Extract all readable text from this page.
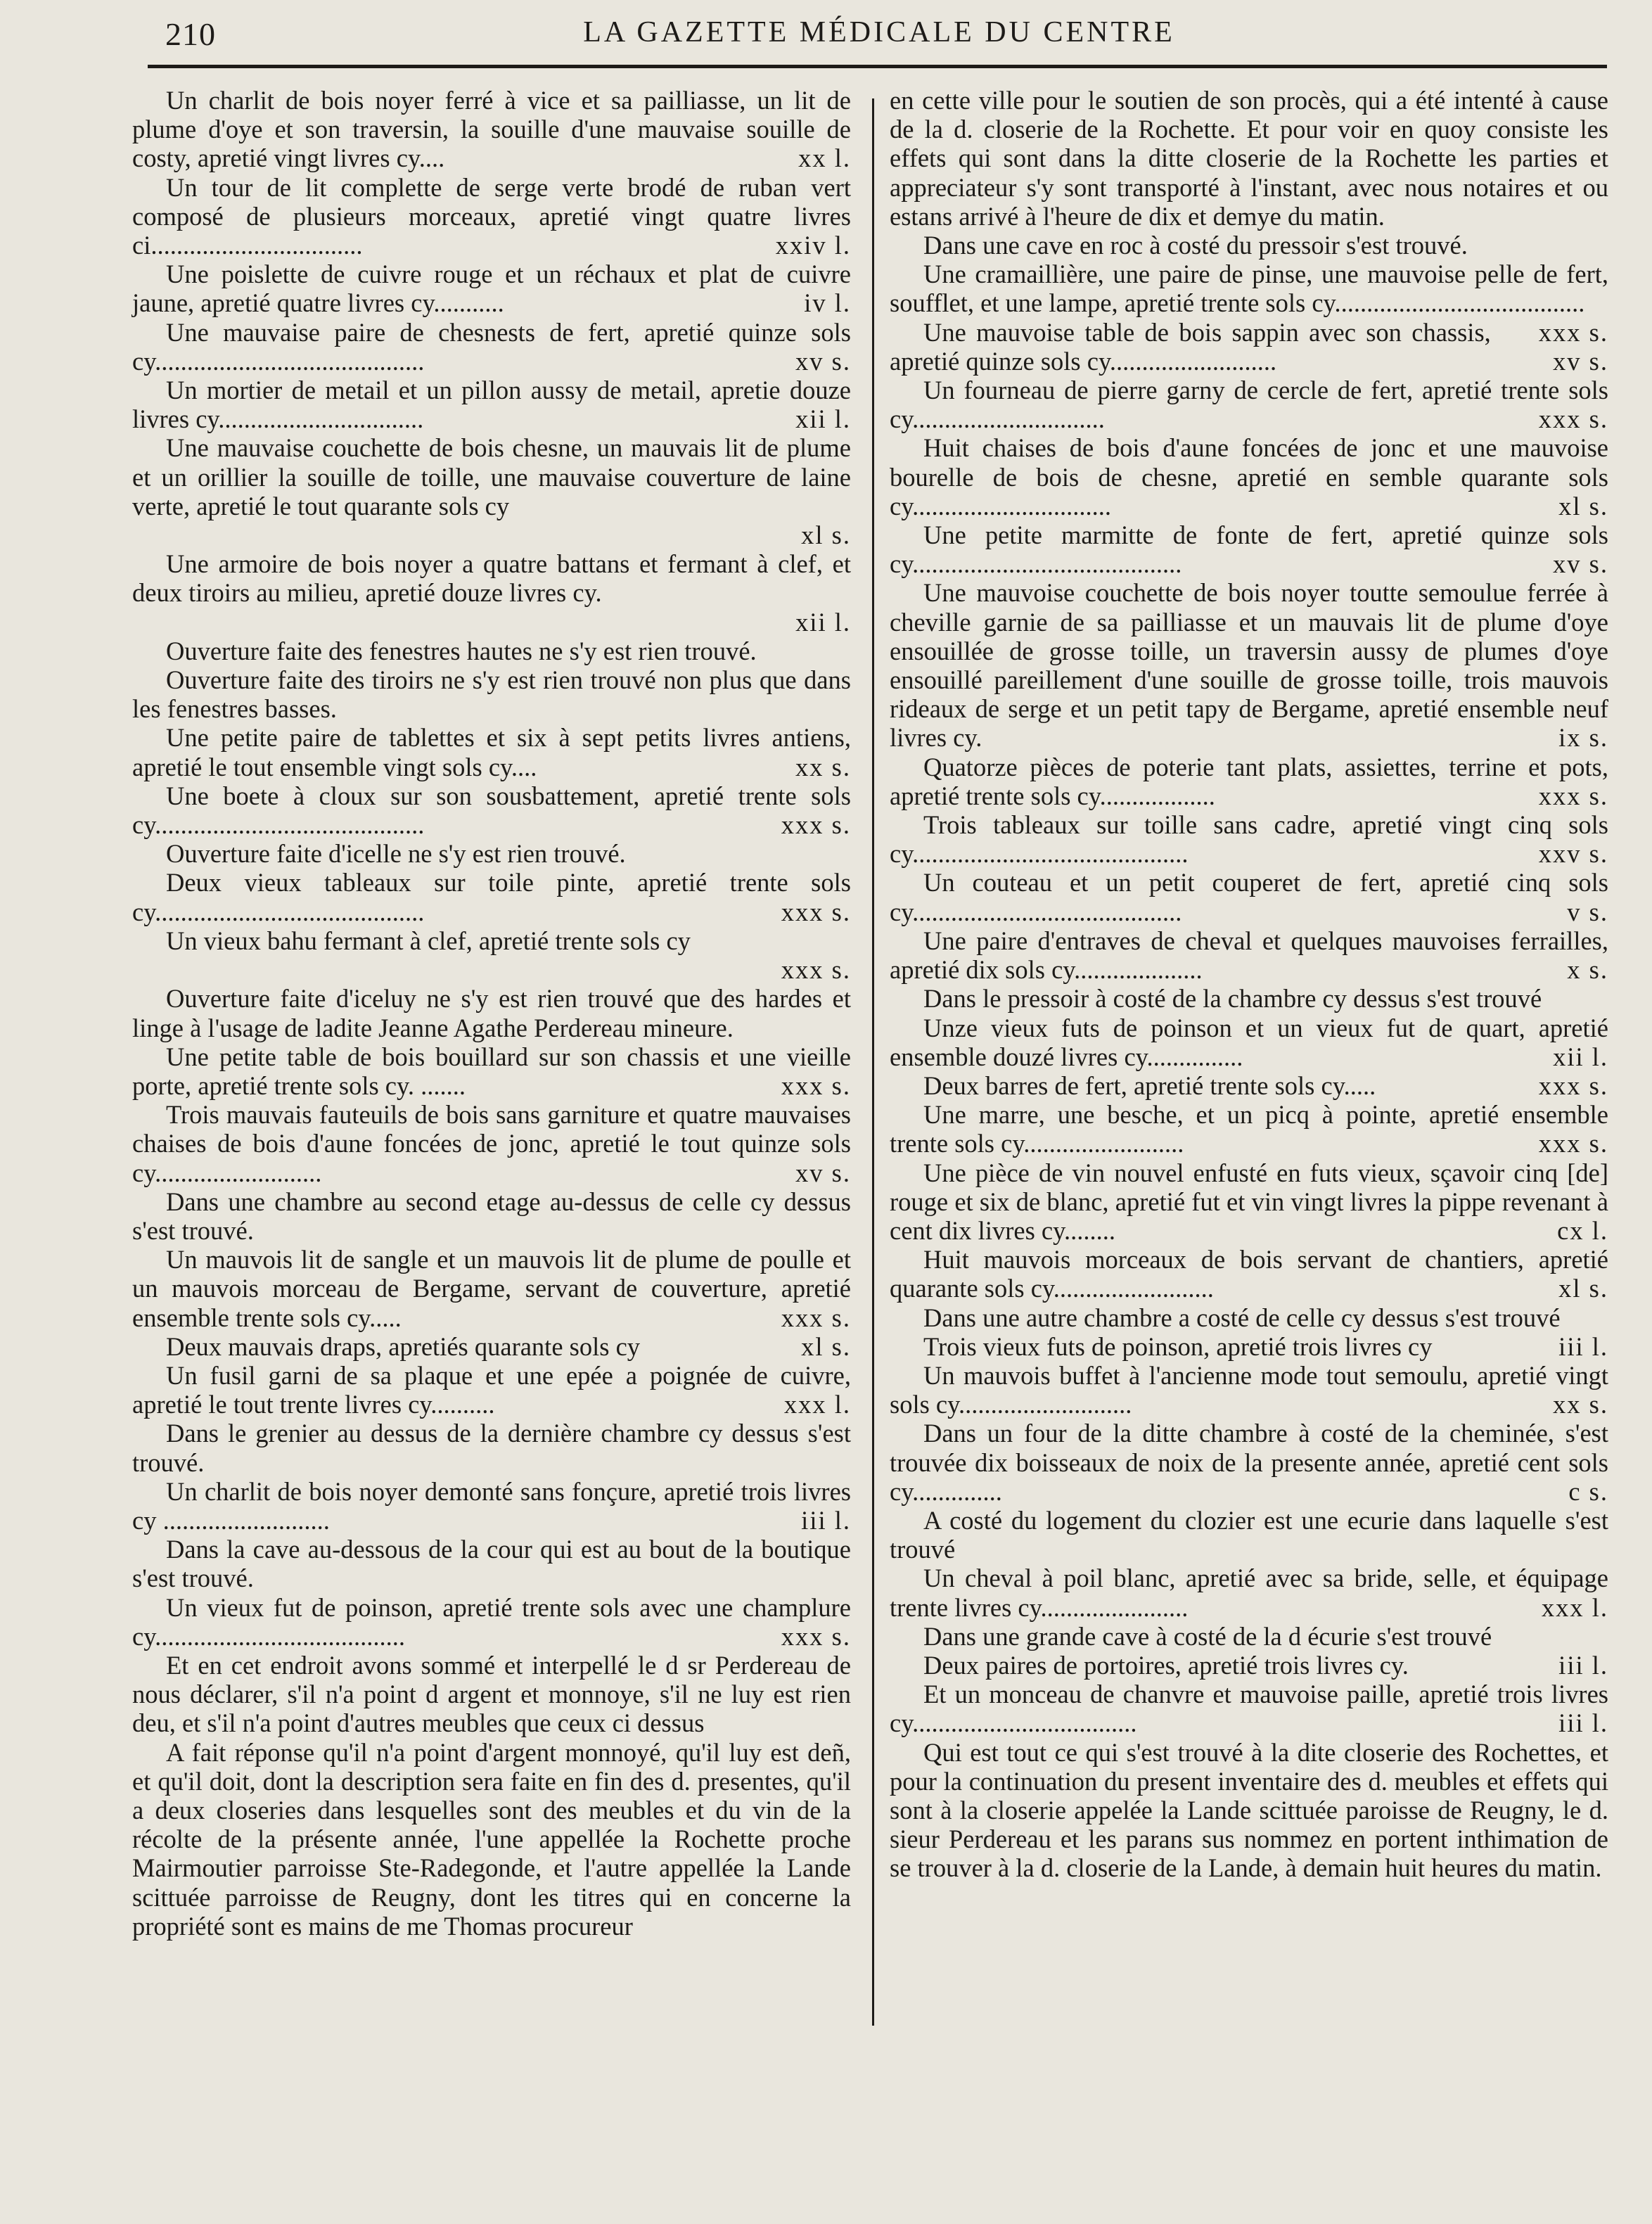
210	LA GAZETTE MÉDICALE DU CENTRE

Un charlit de bois noyer ferré à vice et sa pailliasse, un lit de plume d'oye et son traversin, la souille d'une mauvaise souille de costy, apretié vingt livres cy....	xx l.

Un tour de lit complette de serge verte brodé de ruban vert composé de plusieurs morceaux, apretié vingt quatre livres ci.................................	xxiv l.

Une poislette de cuivre rouge et un réchaux et plat de cuivre jaune, apretié quatre livres cy...........	iv l.

Une mauvaise paire de chesnests de fert, apretié quinze sols cy..........................................	xv s.

Un mortier de metail et un pillon aussy de metail, apretie douze livres cy................................	xii l.

Une mauvaise couchette de bois chesne, un mauvais lit de plume et un orillier la souille de toille, une mauvaise couverture de laine verte, apretié le tout quarante sols cy

xl s.

Une armoire de bois noyer a quatre battans et fermant à clef, et deux tiroirs au milieu, apretié douze livres cy.

xii l.

Ouverture faite des fenestres hautes ne s'y est rien trouvé.

Ouverture faite des tiroirs ne s'y est rien trouvé non plus que dans les fenestres basses.

Une petite paire de tablettes et six à sept petits livres antiens, apretié le tout ensemble vingt sols cy....	xx s.

Une boete à cloux sur son sousbattement, apretié trente sols cy..........................................	xxx s.

Ouverture faite d'icelle ne s'y est rien trouvé.

Deux vieux tableaux sur toile pinte, apretié trente sols cy..........................................	xxx s.

Un vieux bahu fermant à clef, apretié trente sols cy

xxx s.

Ouverture faite d'iceluy ne s'y est rien trouvé que des hardes et linge à l'usage de ladite Jeanne Agathe Perdereau mineure.

Une petite table de bois bouillard sur son chassis et une vieille porte, apretié trente sols cy. .......	xxx s.

Trois mauvais fauteuils de bois sans garniture et quatre mauvaises chaises de bois d'aune foncées de jonc, apretié le tout quinze sols cy..........................	xv s.

Dans une chambre au second etage au-dessus de celle cy dessus s'est trouvé.

Un mauvois lit de sangle et un mauvois lit de plume de poulle et un mauvois morceau de Bergame, servant de couverture, apretié ensemble trente sols cy.....	xxx s.

Deux mauvais draps, apretiés quarante sols cy	xl s.

Un fusil garni de sa plaque et une epée a poignée de cuivre, apretié le tout trente livres cy..........	xxx l.

Dans le grenier au dessus de la dernière chambre cy dessus s'est trouvé.

Un charlit de bois noyer demonté sans fonçure, apretié trois livres cy ..........................	iii l.

Dans la cave au-dessous de la cour qui est au bout de la boutique s'est trouvé.

Un vieux fut de poinson, apretié trente sols avec une champlure cy.......................................	xxx s.

Et en cet endroit avons sommé et interpellé le d sr Perdereau de nous déclarer, s'il n'a point d argent et monnoye, s'il ne luy est rien deu, et s'il n'a point d'autres meubles que ceux ci dessus

A fait réponse qu'il n'a point d'argent monnoyé, qu'il luy est deñ, et qu'il doit, dont la description sera faite en fin des d. presentes, qu'il a deux closeries dans lesquelles sont des meubles et du vin de la récolte de la présente année, l'une appellée la Rochette proche Mairmoutier parroisse Ste-Radegonde, et l'autre appellée la Lande scittuée parroisse de Reugny, dont les titres qui en concerne la propriété sont es mains de me Thomas procureur

en cette ville pour le soutien de son procès, qui a été intenté à cause de la d. closerie de la Rochette. Et pour voir en quoy consiste les effets qui sont dans la ditte closerie de la Rochette les parties et appreciateur s'y sont transporté à l'instant, avec nous notaires et ou estans arrivé à l'heure de dix et demye du matin.

Dans une cave en roc à costé du pressoir s'est trouvé.

Une cramaillière, une paire de pinse, une mauvoise pelle de fert, soufflet, et une lampe, apretié trente sols cy.......................................
xxx s.

Une mauvoise table de bois sappin avec son chassis, apretié quinze sols cy..........................	xv s.

Un fourneau de pierre garny de cercle de fert, apretié trente sols cy..............................	xxx s.

Huit chaises de bois d'aune foncées de jonc et une mauvoise bourelle de bois de chesne, apretié en semble quarante sols cy...............................	xl s.

Une petite marmitte de fonte de fert, apretié quinze sols cy..........................................	xv s.

Une mauvoise couchette de bois noyer toutte semoulue ferrée à cheville garnie de sa pailliasse et un mauvais lit de plume d'oye ensouillée de grosse toille, un traversin aussy de plumes d'oye ensouillé pareillement d'une souille de grosse toille, trois mauvois rideaux de serge et un petit tapy de Bergame, apretié ensemble neuf livres cy.	ix s.

Quatorze pièces de poterie tant plats, assiettes, terrine et pots, apretié trente sols cy..................	xxx s.

Trois tableaux sur toille sans cadre, apretié vingt cinq sols cy...........................................	xxv s.

Un couteau et un petit couperet de fert, apretié cinq sols cy..........................................	v s.

Une paire d'entraves de cheval et quelques mauvoises ferrailles, apretié dix sols cy....................	x s.

Dans le pressoir à costé de la chambre cy dessus s'est trouvé

Unze vieux futs de poinson et un vieux fut de quart, apretié ensemble douzé livres cy...............	xii l.

Deux barres de fert, apretié trente sols cy.....	xxx s.

Une marre, une besche, et un picq à pointe, apretié ensemble trente sols cy.........................	xxx s.

Une pièce de vin nouvel enfusté en futs vieux, sçavoir cinq [de] rouge et six de blanc, apretié fut et vin vingt livres la pippe revenant à cent dix livres cy........	cx l.

Huit mauvois morceaux de bois servant de chantiers, apretié quarante sols cy.........................	xl s.

Dans une autre chambre a costé de celle cy dessus s'est trouvé

Trois vieux futs de poinson, apretié trois livres cy	iii l.

Un mauvois buffet à l'ancienne mode tout semoulu, apretié vingt sols cy...........................	xx s.

Dans un four de la ditte chambre à costé de la cheminée, s'est trouvée dix boisseaux de noix de la presente année, apretié cent sols cy..............	c s.

A costé du logement du clozier est une ecurie dans laquelle s'est trouvé

Un cheval à poil blanc, apretié avec sa bride, selle, et équipage trente livres cy.......................	xxx l.

Dans une grande cave à costé de la d écurie s'est trouvé

Deux paires de portoires, apretié trois livres cy.	iii l.

Et un monceau de chanvre et mauvoise paille, apretié trois livres cy...................................	iii l.

Qui est tout ce qui s'est trouvé à la dite closerie des Rochettes, et pour la continuation du present inventaire des d. meubles et effets qui sont à la closerie appelée la Lande scittuée paroisse de Reugny, le d. sieur Perdereau et les parans sus nommez en portent inthimation de se trouver à la d. closerie de la Lande, à demain huit heures du matin.
